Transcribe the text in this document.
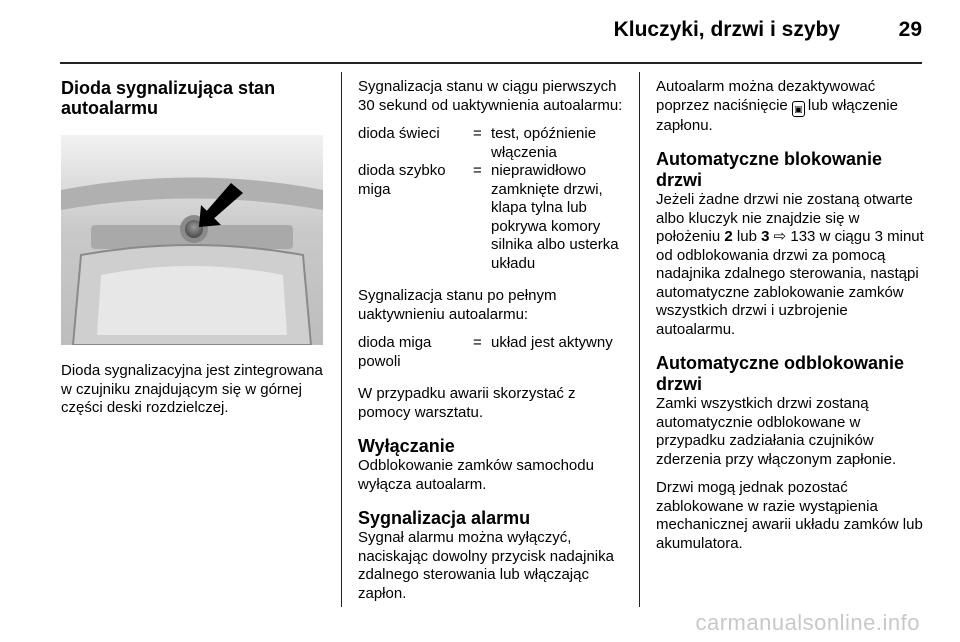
Kluczyki, drzwi i szyby	29
Dioda sygnalizująca stan autoalarmu

Dioda sygnalizacyjna jest zintegrowana w czujniku znajdującym się w górnej części deski rozdzielczej.

Sygnalizacja stanu w ciągu pierwszych 30 sekund od uaktywnienia autoalarmu:

dioda świeci	= test, opóźnienie włączenia
dioda szybko miga
= nieprawidłowo zamknięte drzwi, klapa tylna lub pokrywa komory silnika albo usterka układu

Sygnalizacja stanu po pełnym uaktywnieniu autoalarmu:

dioda miga powoli
= układ jest aktywny

W przypadku awarii skorzystać z pomocy warsztatu.

Wyłączanie

Odblokowanie zamków samochodu wyłącza autoalarm.

Sygnalizacja alarmu

Sygnał alarmu można wyłączyć, naciskając dowolny przycisk nadajnika zdalnego sterowania lub włączając zapłon.

Autoalarm można dezaktywować poprzez naciśnięcie ▣ lub włączenie zapłonu.

Automatyczne blokowanie drzwi

Jeżeli żadne drzwi nie zostaną otwarte albo kluczyk nie znajdzie się w położeniu 2 lub 3 ⇨ 133 w ciągu 3 minut od odblokowania drzwi za pomocą nadajnika zdalnego sterowania, nastąpi automatyczne zablokowanie zamków wszystkich drzwi i uzbrojenie autoalarmu.

Automatyczne odblokowanie drzwi

Zamki wszystkich drzwi zostaną automatycznie odblokowane w przypadku zadziałania czujników zderzenia przy włączonym zapłonie.

Drzwi mogą jednak pozostać zablokowane w razie wystąpienia mechanicznej awarii układu zamków lub akumulatora.

carmanualsonline.info
